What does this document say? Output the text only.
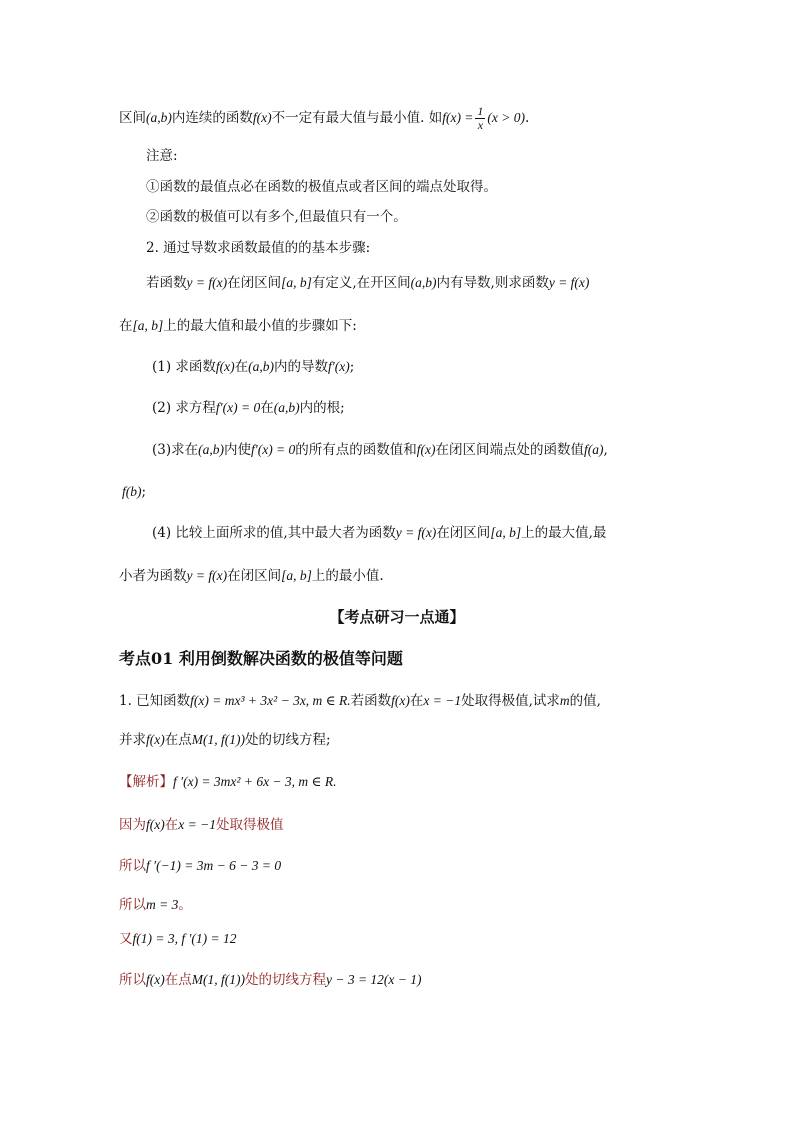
区间(a,b)内连续的函数f(x)不一定有最大值与最小值. 如$f(x) = \frac{1}{x} (x > 0)$.
注意:
①函数的最值点必在函数的极值点或者区间的端点处取得。
②函数的极值可以有多个,但最值只有一个。
2. 通过导数求函数最值的的基本步骤:
若函数y = f(x)在闭区间[a, b]有定义,在开区间(a,b)内有导数,则求函数y = f(x)
在[a, b]上的最大值和最小值的步骤如下:
(1) 求函数f(x)在(a,b)内的导数f′(x);
(2) 求方程f′(x) = 0在(a,b)内的根;
(3)求在(a,b)内使f′(x) = 0的所有点的函数值和f(x)在闭区间端点处的函数值f(a),
f(b);
(4) 比较上面所求的值,其中最大者为函数y = f(x)在闭区间[a, b]上的最大值,最
小者为函数y = f(x)在闭区间[a, b]上的最小值.
【考点研习一点通】
考点01 利用倒数解决函数的极值等问题
1. 已知函数f(x) = mx³ + 3x² − 3x, m ∈ R.若函数f(x)在x = −1处取得极值,试求m的值,
并求f(x)在点M(1, f(1))处的切线方程;
【解析】f ′(x) = 3mx² + 6x − 3, m ∈ R.
因为f(x)在x = −1处取得极值
所以f ′(−1) = 3m − 6 − 3 = 0
所以m = 3。
又f(1) = 3, f ′(1) = 12
所以f(x)在点M(1, f(1))处的切线方程y − 3 = 12(x − 1)
